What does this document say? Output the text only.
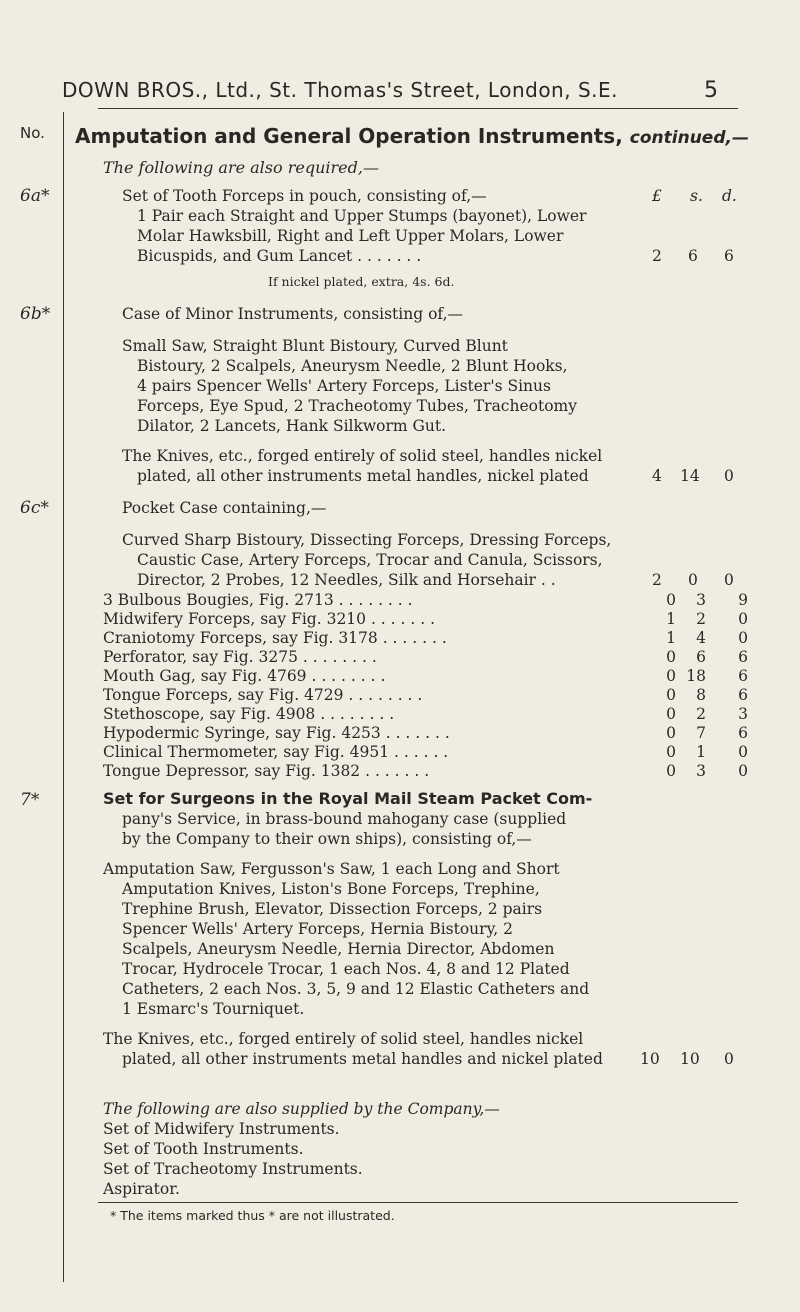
DOWN BROS., Ltd., St. Thomas's Street, London, S.E.	5
No. Amputation and General Operation Instruments, continued,—
The following are also required,—
6a*	Set of Tooth Forceps in pouch, consisting of,—	£ s. d.
1 Pair each Straight and Upper Stumps (bayonet), Lower
Molar Hawksbill, Right and Left Upper Molars, Lower
Bicuspids, and Gum Lancet . . . . . . .	2 6 6
If nickel plated, extra, 4s. 6d.
6b*	Case of Minor Instruments, consisting of,—
Small Saw, Straight Blunt Bistoury, Curved Blunt
Bistoury, 2 Scalpels, Aneurysm Needle, 2 Blunt Hooks,
4 pairs Spencer Wells' Artery Forceps, Lister's Sinus
Forceps, Eye Spud, 2 Tracheotomy Tubes, Tracheotomy
Dilator, 2 Lancets, Hank Silkworm Gut.
The Knives, etc., forged entirely of solid steel, handles nickel
plated, all other instruments metal handles, nickel plated	4 14 0
6c*	Pocket Case containing,—
Curved Sharp Bistoury, Dissecting Forceps, Dressing Forceps,
Caustic Case, Artery Forceps, Trocar and Canula, Scissors,
Director, 2 Probes, 12 Needles, Silk and Horsehair . .	2 0 0
3 Bulbous Bougies, Fig. 2713 . . . . . . . .	0	3	9
Midwifery Forceps, say Fig. 3210 . . . . . . .	1	2	0
Craniotomy Forceps, say Fig. 3178 . . . . . . .	1	4	0
Perforator, say Fig. 3275 . . . . . . . .	0	6	6
Mouth Gag, say Fig. 4769 . . . . . . . .	0 18	6
Tongue Forceps, say Fig. 4729 . . . . . . . .	0	8	6
Stethoscope, say Fig. 4908 . . . . . . . .	0	2	3
Hypodermic Syringe, say Fig. 4253 . . . . . . .	0	7	6
Clinical Thermometer, say Fig. 4951 . . . . . .	0	1	0
Tongue Depressor, say Fig. 1382 . . . . . . .	0	3	0
7*	Set for Surgeons in the Royal Mail Steam Packet Com-
pany's Service, in brass-bound mahogany case (supplied
by the Company to their own ships), consisting of,—
Amputation Saw, Fergusson's Saw, 1 each Long and Short
Amputation Knives, Liston's Bone Forceps, Trephine,
Trephine Brush, Elevator, Dissection Forceps, 2 pairs
Spencer Wells' Artery Forceps, Hernia Bistoury, 2
Scalpels, Aneurysm Needle, Hernia Director, Abdomen
Trocar, Hydrocele Trocar, 1 each Nos. 4, 8 and 12 Plated
Catheters, 2 each Nos. 3, 5, 9 and 12 Elastic Catheters and
1 Esmarc's Tourniquet.
The Knives, etc., forged entirely of solid steel, handles nickel
plated, all other instruments metal handles and nickel plated 10 10 0
The following are also supplied by the Company,—
Set of Midwifery Instruments.
Set of Tooth Instruments.
Set of Tracheotomy Instruments.
Aspirator.
* The items marked thus * are not illustrated.
